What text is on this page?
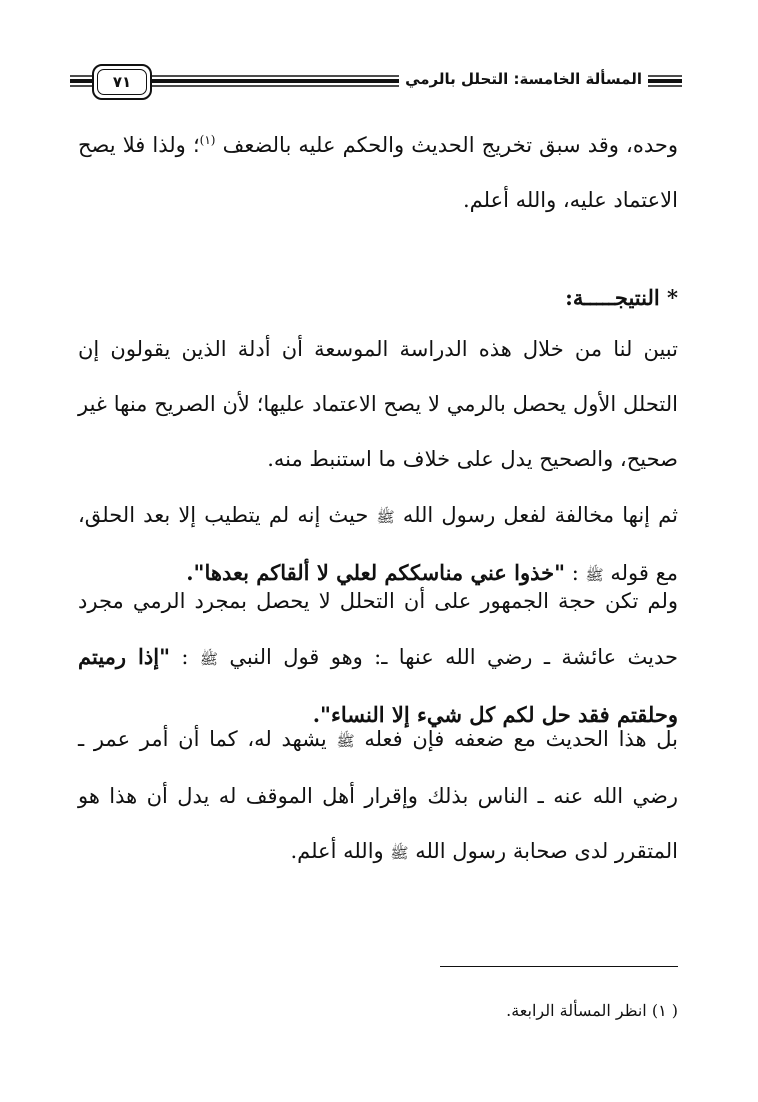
المسألة الخامسة: التحلل بالرمي
٧١

وحده، وقد سبق تخريج الحديث والحكم عليه بالضعف $^{(١)}$؛ ولذا فلا يصح الاعتماد عليه، والله أعلم.

* النتيجـــــة:

تبين لنا من خلال هذه الدراسة الموسعة أن أدلة الذين يقولون إن التحلل الأول يحصل بالرمي لا يصح الاعتماد عليها؛ لأن الصريح منها غير صحيح، والصحيح يدل على خلاف ما استنبط منه.

ثم إنها مخالفة لفعل رسول الله ﷺ حيث إنه لم يتطيب إلا بعد الحلق، مع قوله ﷺ : "خذوا عني مناسككم لعلي لا ألقاكم بعدها".

ولم تكن حجة الجمهور على أن التحلل لا يحصل بمجرد الرمي مجرد حديث عائشة ـ رضي الله عنها ـ: وهو قول النبي ﷺ : "إذا رميتم وحلقتم فقد حل لكم كل شيء إلا النساء".

بل هذا الحديث مع ضعفه فإن فعله ﷺ يشهد له، كما أن أمر عمر ـ رضي الله عنه ـ الناس بذلك وإقرار أهل الموقف له يدل أن هذا هو المتقرر لدى صحابة رسول الله ﷺ والله أعلم.

( ١) انظر المسألة الرابعة.
